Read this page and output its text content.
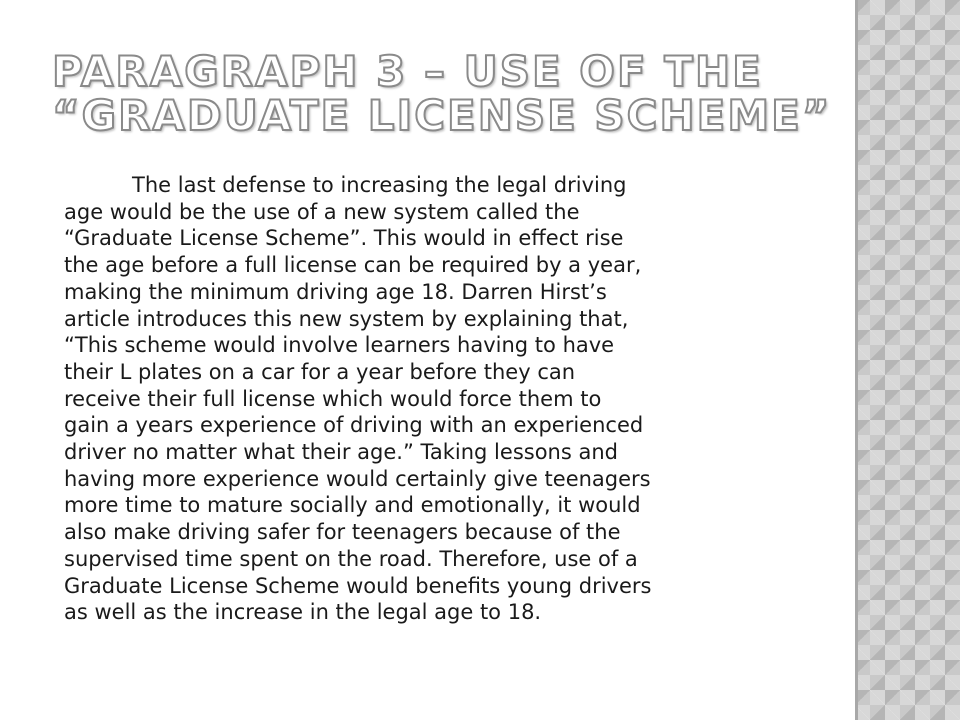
PARAGRAPH 3 – USE OF THE
“GRADUATE LICENSE SCHEME”
The last defense to increasing the legal driving
age would be the use of a new system called the
“Graduate License Scheme”. This would in effect rise
the age before a full license can be required by a year,
making the minimum driving age 18. Darren Hirst’s
article introduces this new system by explaining that,
“This scheme would involve learners having to have
their L plates on a car for a year before they can
receive their full license which would force them to
gain a years experience of driving with an experienced
driver no matter what their age.” Taking lessons and
having more experience would certainly give teenagers
more time to mature socially and emotionally, it would
also make driving safer for teenagers because of the
supervised time spent on the road. Therefore, use of a
Graduate License Scheme would benefits young drivers
as well as the increase in the legal age to 18.
